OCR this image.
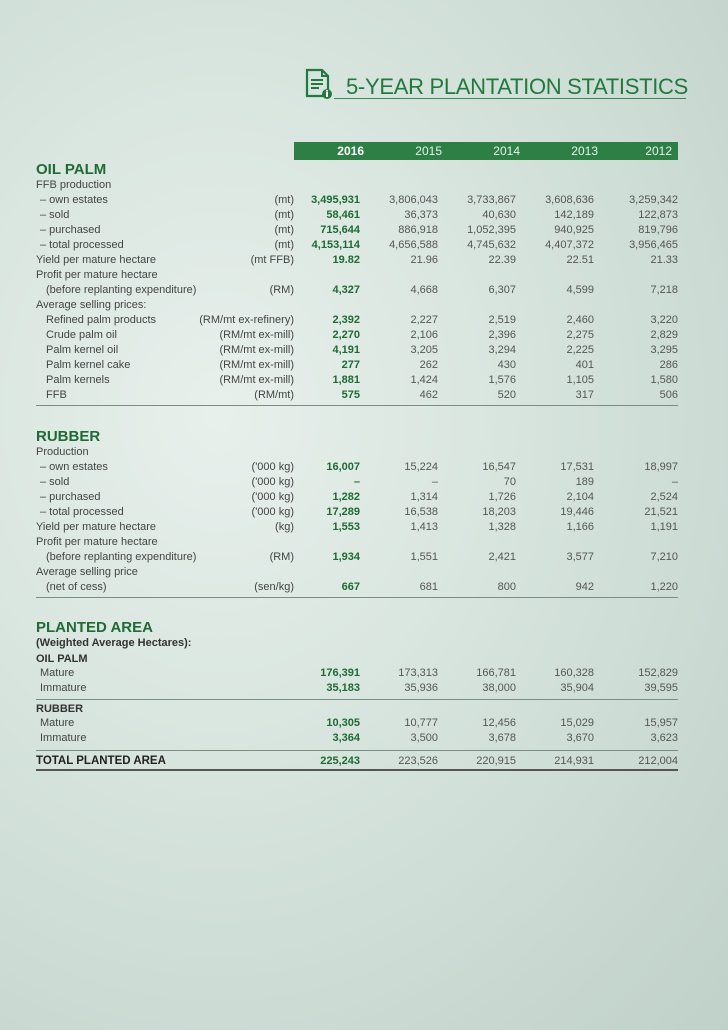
5-YEAR PLANTATION STATISTICS
2016	2015	2014	2013	2012
OIL PALM
FFB production
– own estates	(mt)	3,495,931	3,806,043	3,733,867	3,608,636	3,259,342
– sold	(mt)	58,461	36,373	40,630	142,189	122,873
– purchased	(mt)	715,644	886,918	1,052,395	940,925	819,796
– total processed	(mt)	4,153,114	4,656,588	4,745,632	4,407,372	3,956,465
Yield per mature hectare	(mt FFB)	19.82	21.96	22.39	22.51	21.33
Profit per mature hectare
(before replanting expenditure)	(RM)	4,327	4,668	6,307	4,599	7,218
Average selling prices:
Refined palm products	(RM/mt ex-refinery)	2,392	2,227	2,519	2,460	3,220
Crude palm oil	(RM/mt ex-mill)	2,270	2,106	2,396	2,275	2,829
Palm kernel oil	(RM/mt ex-mill)	4,191	3,205	3,294	2,225	3,295
Palm kernel cake	(RM/mt ex-mill)	277	262	430	401	286
Palm kernels	(RM/mt ex-mill)	1,881	1,424	1,576	1,105	1,580
FFB	(RM/mt)	575	462	520	317	506
RUBBER
Production
– own estates	('000 kg)	16,007	15,224	16,547	17,531	18,997
– sold	('000 kg)	–	–	70	189	–
– purchased	('000 kg)	1,282	1,314	1,726	2,104	2,524
– total processed	('000 kg)	17,289	16,538	18,203	19,446	21,521
Yield per mature hectare	(kg)	1,553	1,413	1,328	1,166	1,191
Profit per mature hectare
(before replanting expenditure)	(RM)	1,934	1,551	2,421	3,577	7,210
Average selling price
(net of cess)	(sen/kg)	667	681	800	942	1,220
PLANTED AREA
(Weighted Average Hectares):
OIL PALM
Mature	176,391	173,313	166,781	160,328	152,829
Immature	35,183	35,936	38,000	35,904	39,595
RUBBER
Mature	10,305	10,777	12,456	15,029	15,957
Immature	3,364	3,500	3,678	3,670	3,623
TOTAL PLANTED AREA	225,243	223,526	220,915	214,931	212,004
